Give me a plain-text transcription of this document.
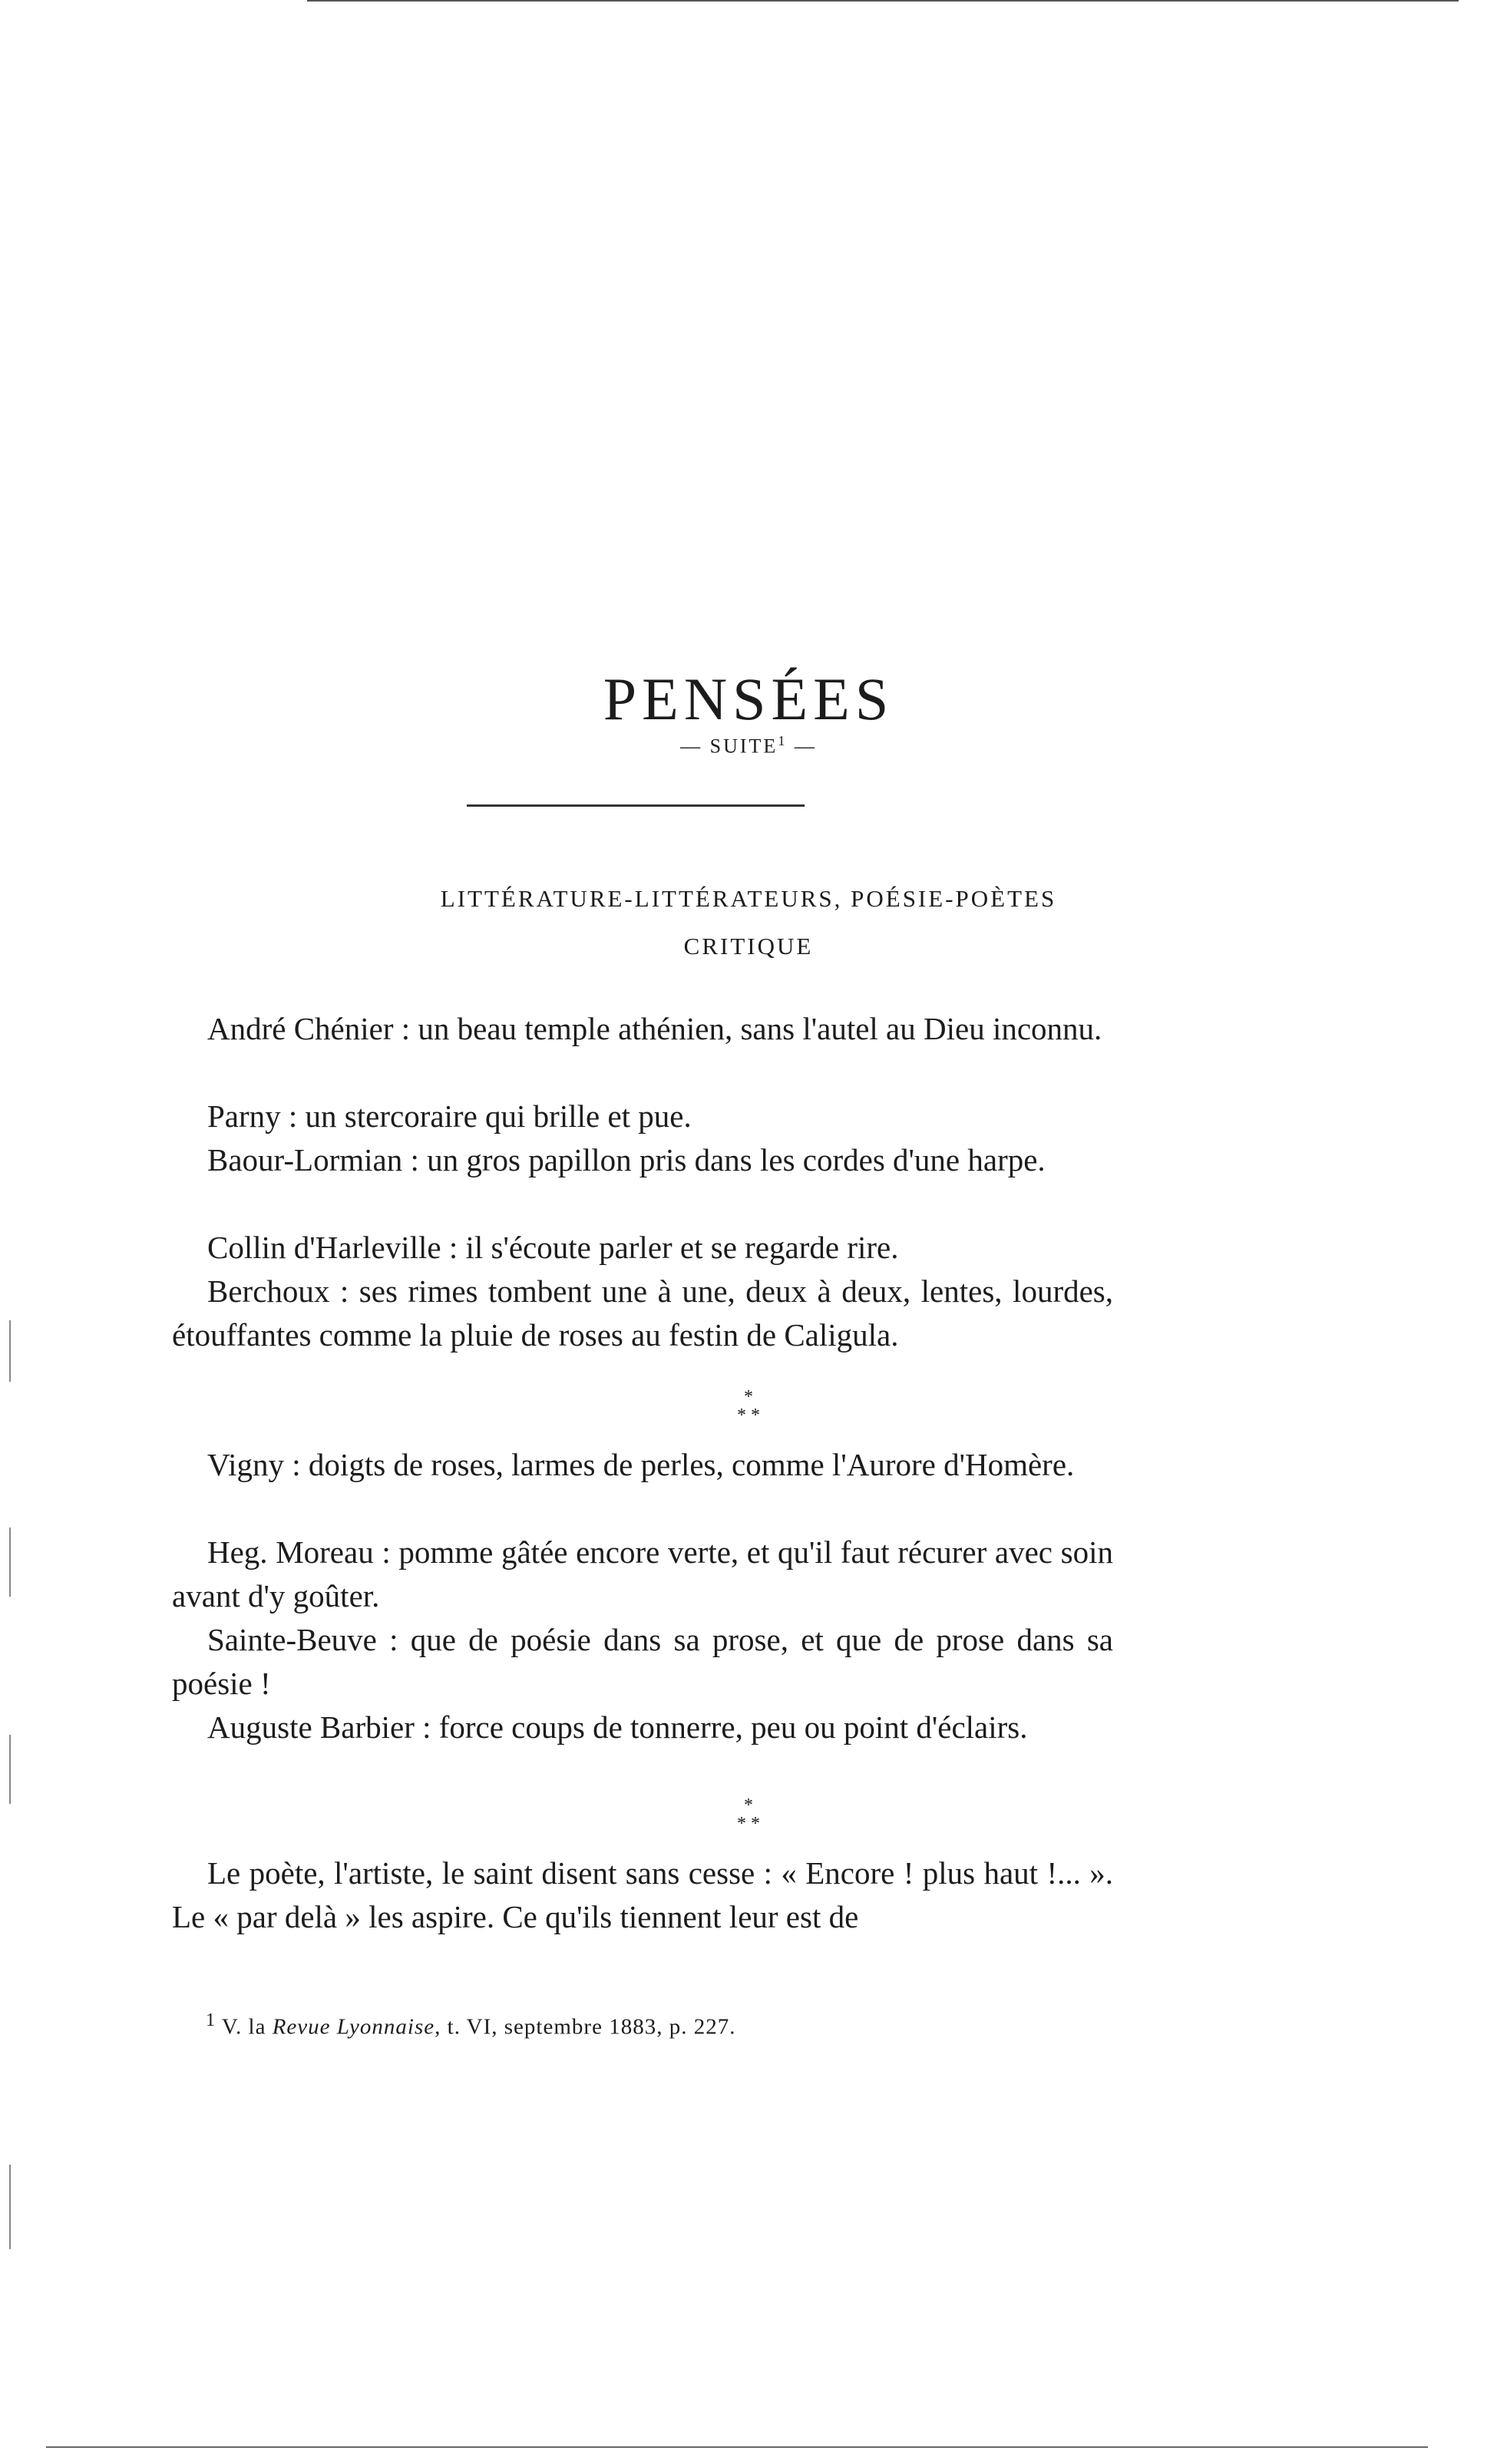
PENSÉES
— SUITE$^1$ —
LITTÉRATURE-LITTÉRATEURS, POÉSIE-POÈTES
CRITIQUE

André Chénier : un beau temple athénien, sans l'autel au Dieu inconnu.

Parny : un stercoraire qui brille et pue.

Baour-Lormian : un gros papillon pris dans les cordes d'une harpe.

Collin d'Harleville : il s'écoute parler et se regarde rire.

Berchoux : ses rimes tombent une à une, deux à deux, lentes, lourdes, étouffantes comme la pluie de roses au festin de Caligula.

*
* *

Vigny : doigts de roses, larmes de perles, comme l'Aurore d'Homère.

Heg. Moreau : pomme gâtée encore verte, et qu'il faut récurer avec soin avant d'y goûter.

Sainte-Beuve : que de poésie dans sa prose, et que de prose dans sa poésie !

Auguste Barbier : force coups de tonnerre, peu ou point d'éclairs.

*
* *

Le poète, l'artiste, le saint disent sans cesse : « Encore ! plus haut !... ». Le « par delà » les aspire. Ce qu'ils tiennent leur est de

$^1$ V. la Revue Lyonnaise, t. VI, septembre 1883, p. 227.
